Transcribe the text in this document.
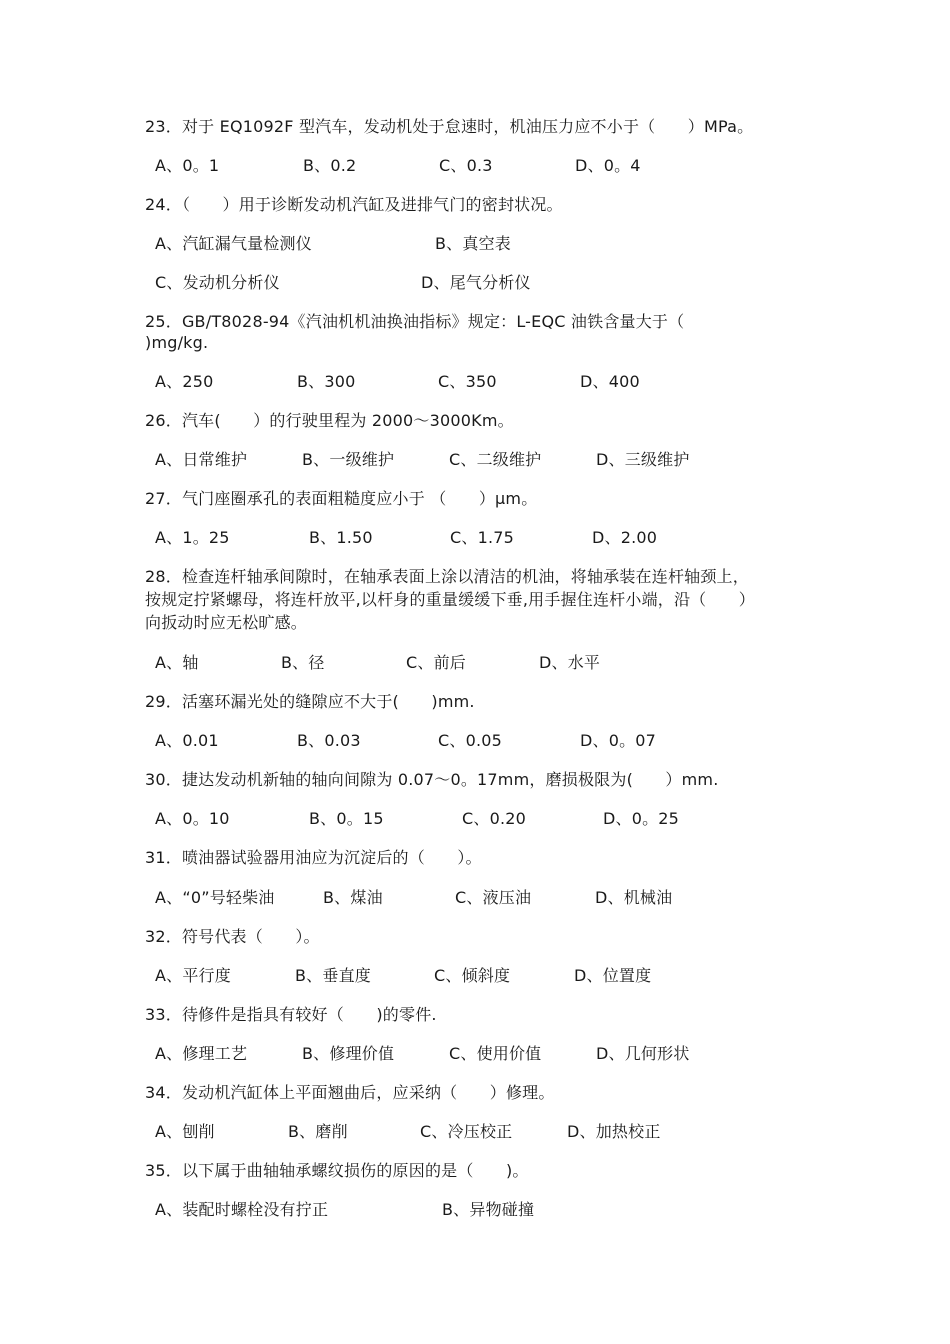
23．对于 EQ1092F 型汽车，发动机处于怠速时，机油压力应不小于（　　）MPa。
A、0。1	B、0.2	C、0.3	D、0。4
24．（　　）用于诊断发动机汽缸及进排气门的密封状况。
A、汽缸漏气量检测仪	B、真空表
C、发动机分析仪	D、尾气分析仪
25．GB/T8028-94《汽油机机油换油指标》规定：L-EQC 油铁含量大于（
)mg/kg.
A、250	B、300	C、350	D、400
26．汽车(　　）的行驶里程为 2000～3000Km。
A、日常维护	B、一级维护	C、二级维护	D、三级维护
27．气门座圈承孔的表面粗糙度应小于 （　　）μm。
A、1。25	B、1.50	C、1.75	D、2.00
28．检查连杆轴承间隙时，在轴承表面上涂以清洁的机油，将轴承装在连杆轴颈上，
按规定拧紧螺母，将连杆放平,以杆身的重量缓缓下垂,用手握住连杆小端，沿（　　）
向扳动时应无松旷感。
A、轴	B、径	C、前后	D、水平
29．活塞环漏光处的缝隙应不大于(　　)mm.
A、0.01	B、0.03	C、0.05	D、0。07
30．捷达发动机新轴的轴向间隙为 0.07～0。17mm，磨损极限为(　　）mm.
A、0。10	B、0。15	C、0.20	D、0。25
31．喷油器试验器用油应为沉淀后的（　　）。
A、“0”号轻柴油	B、煤油	C、液压油	D、机械油
32．符号代表（　　）。
A、平行度	B、垂直度	C、倾斜度	D、位置度
33．待修件是指具有较好（　　)的零件.
A、修理工艺	B、修理价值	C、使用价值	D、几何形状
34．发动机汽缸体上平面翘曲后，应采纳（　　）修理。
A、刨削	B、磨削	C、冷压校正	D、加热校正
35．以下属于曲轴轴承螺纹损伤的原因的是（　　)。
A、装配时螺栓没有拧正	B、异物碰撞
